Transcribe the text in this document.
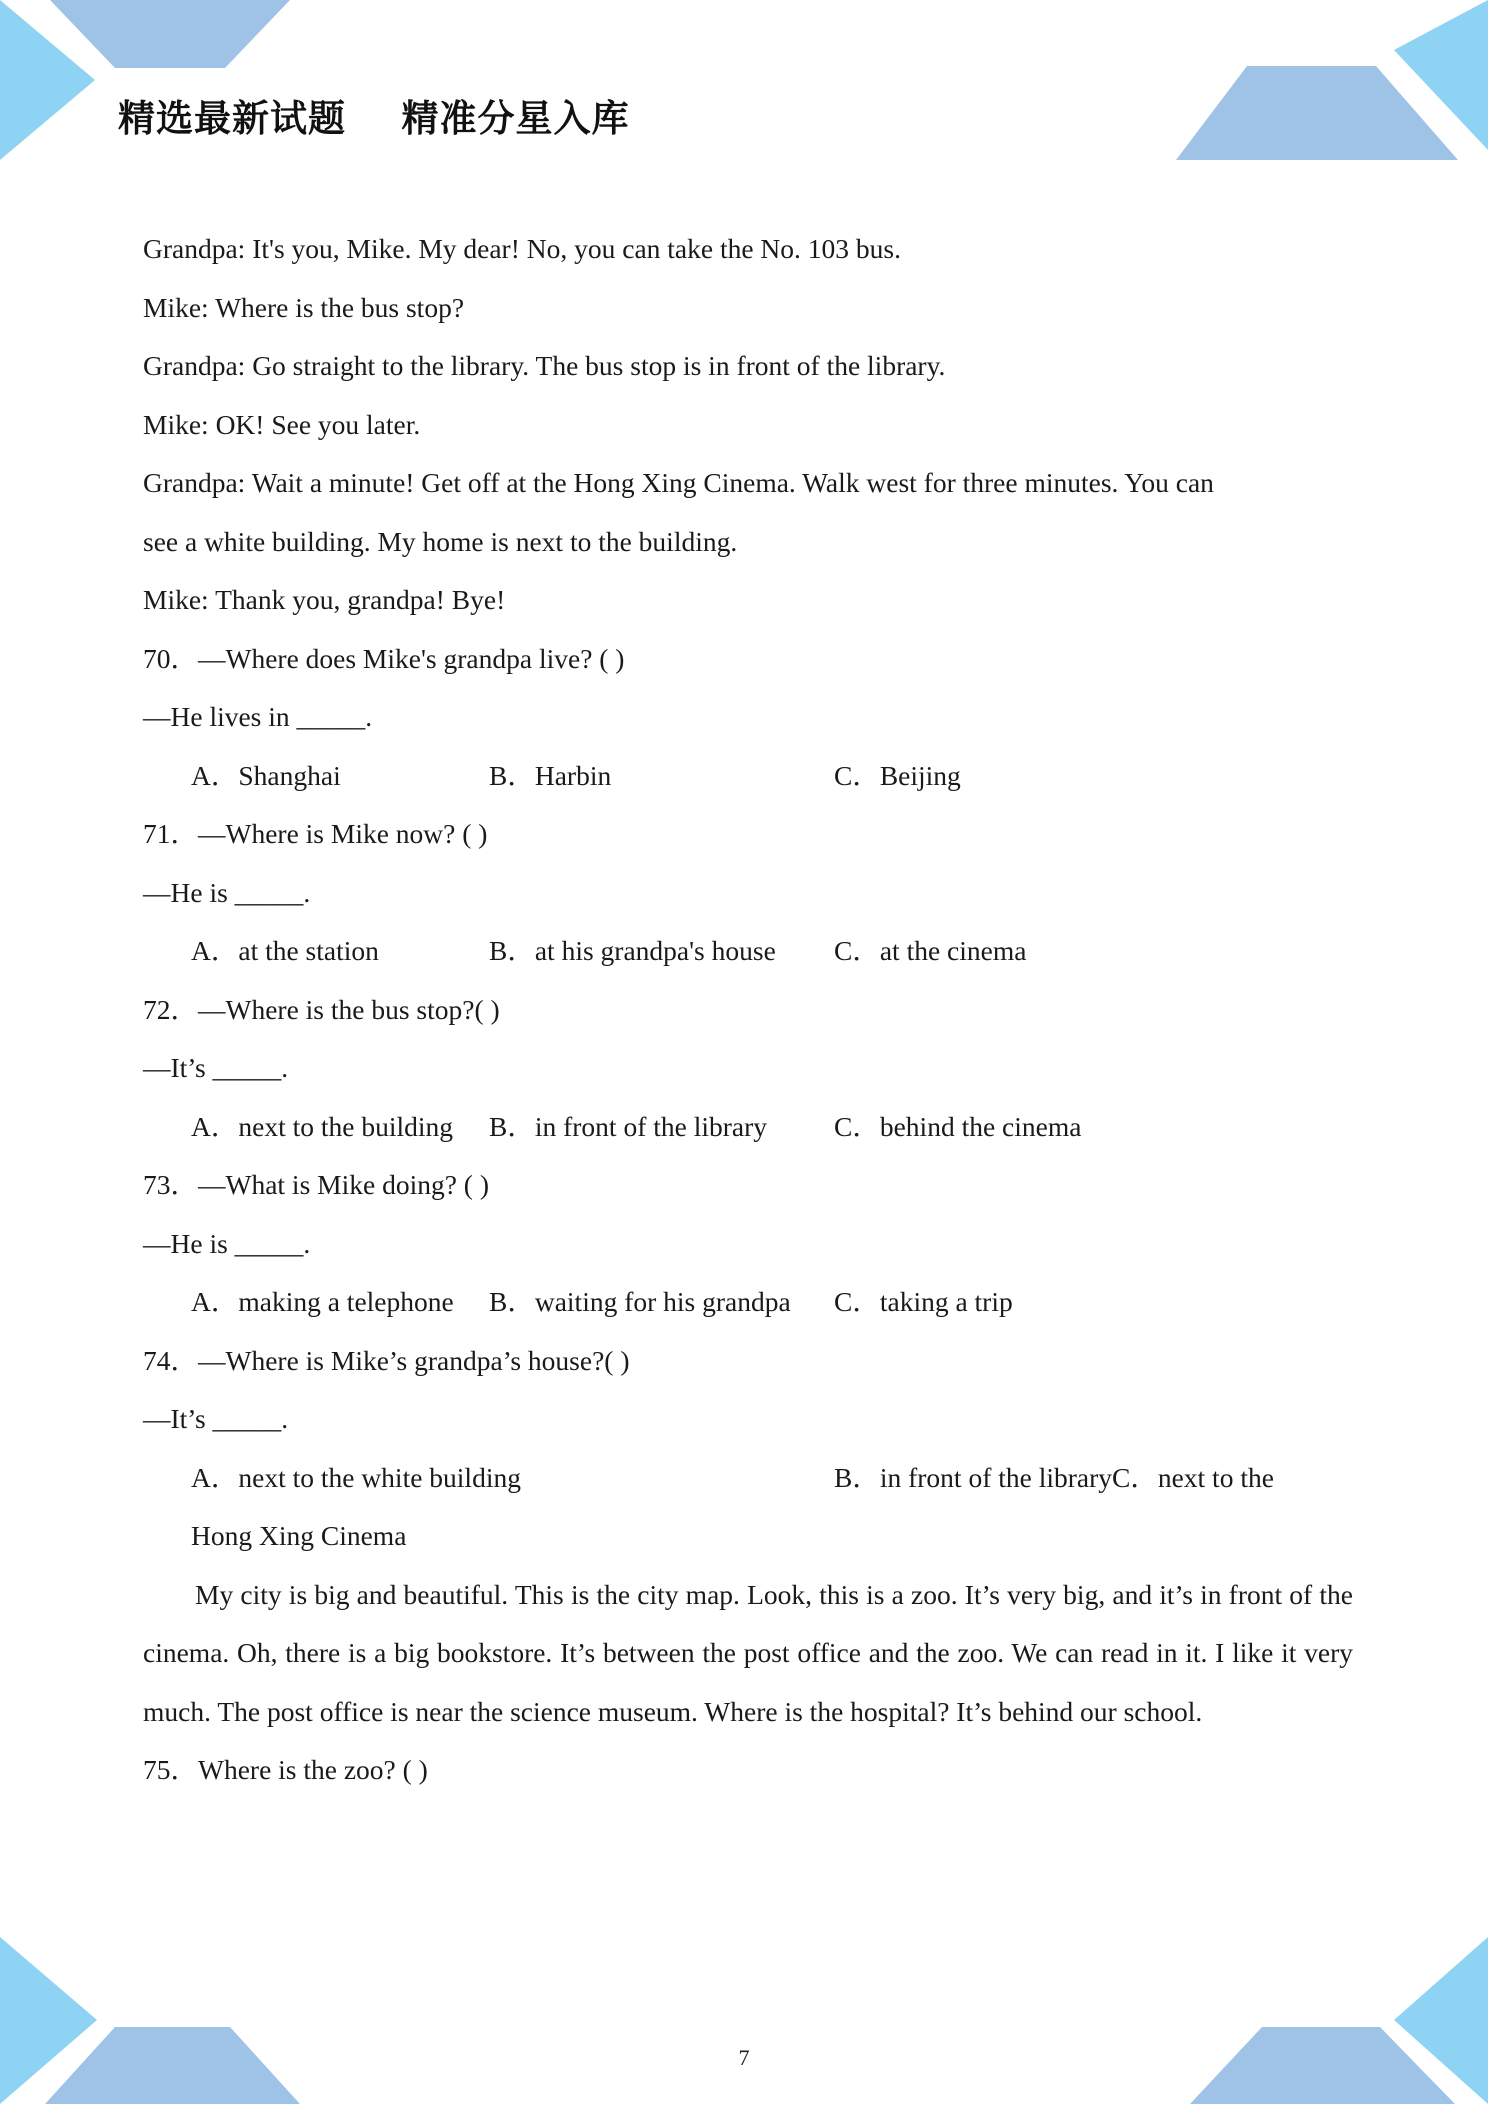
精选最新试题    精准分星入库
Grandpa: It's you, Mike. My dear! No, you can take the No. 103 bus.
Mike: Where is the bus stop?
Grandpa: Go straight to the library. The bus stop is in front of the library.
Mike: OK! See you later.
Grandpa: Wait a minute! Get off at the Hong Xing Cinema. Walk west for three minutes. You can
see a white building. My home is next to the building.
Mike: Thank you, grandpa! Bye!
70．—Where does Mike's grandpa live? ( )
—He lives in _____.
A．Shanghai	B．Harbin	C．Beijing
71．—Where is Mike now? ( )
—He is _____.
A．at the station	B．at his grandpa's house C．at the cinema
72．—Where is the bus stop?( )
—It’s _____.
A．next to the building B．in front of the library C．behind the cinema
73．—What is Mike doing? ( )
—He is _____.
A．making a telephone B．waiting for his grandpa C．taking a trip
74．—Where is Mike’s grandpa’s house?( )
—It’s _____.
A．next to the white building	B．in front of the libraryC．next to the
Hong Xing Cinema
My city is big and beautiful. This is the city map. Look, this is a zoo. It’s very big, and it’s in front of the cinema. Oh, there is a big bookstore. It’s between the post office and the zoo. We can read in it. I like it very much. The post office is near the science museum. Where is the hospital? It’s behind our school.
75．Where is the zoo? ( )
7
